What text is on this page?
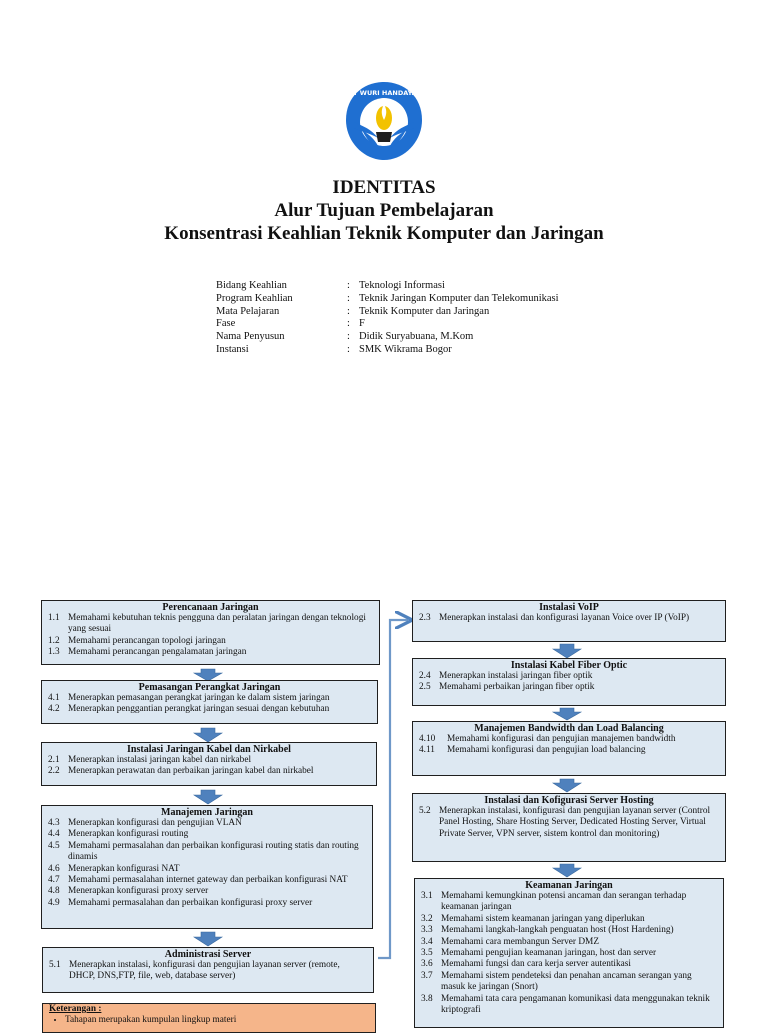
TUT WURI HANDAYANI
IDENTITAS
Alur Tujuan Pembelajaran
Konsentrasi Keahlian Teknik Komputer dan Jaringan
Bidang Keahlian	: Teknologi Informasi
Program Keahlian	: Teknik Jaringan Komputer dan Telekomunikasi
Mata Pelajaran	: Teknik Komputer dan Jaringan
Fase	: F
Nama Penyusun	: Didik Suryabuana, M.Kom
Instansi	: SMK Wikrama Bogor
Perencanaan Jaringan
1.1 Memahami kebutuhan teknis pengguna dan peralatan jaringan dengan teknologi yang sesuai
1.2 Memahami perancangan topologi jaringan
1.3 Memahami perancangan pengalamatan jaringan
Pemasangan Perangkat Jaringan
4.1 Menerapkan pemasangan perangkat jaringan ke dalam sistem jaringan
4.2 Menerapkan penggantian perangkat jaringan sesuai dengan kebutuhan
Instalasi Jaringan Kabel dan Nirkabel
2.1 Menerapkan instalasi jaringan kabel dan nirkabel
2.2 Menerapkan perawatan dan perbaikan jaringan kabel dan nirkabel
Manajemen Jaringan
4.3 Menerapkan konfigurasi dan pengujian VLAN
4.4 Menerapkan konfigurasi routing
4.5 Memahami permasalahan dan perbaikan konfigurasi routing statis dan routing dinamis
4.6 Menerapkan konfigurasi NAT
4.7 Memahami permasalahan internet gateway dan perbaikan konfigurasi NAT
4.8 Menerapkan konfigurasi proxy server
4.9 Memahami permasalahan dan perbaikan konfigurasi proxy server
Administrasi Server
5.1 Menerapkan instalasi, konfigurasi dan pengujian layanan server (remote, DHCP, DNS,FTP, file, web, database server)
Keterangan :
• Tahapan merupakan kumpulan lingkup materi
Instalasi VoIP
2.3 Menerapkan instalasi dan konfigurasi layanan Voice over IP (VoIP)
Instalasi Kabel Fiber Optic
2.4 Menerapkan instalasi jaringan fiber optik
2.5 Memahami perbaikan jaringan fiber optik
Manajemen Bandwidth dan Load Balancing
4.10	Memahami konfigurasi dan pengujian manajemen bandwidth
4.11	Memahami konfigurasi dan pengujian load balancing
Instalasi dan Kofigurasi Server Hosting
5.2 Menerapkan instalasi, konfigurasi dan pengujian layanan server (Control Panel Hosting, Share Hosting Server, Dedicated Hosting Server, Virtual Private Server, VPN server, sistem kontrol dan monitoring)
Keamanan Jaringan
3.1 Memahami kemungkinan potensi ancaman dan serangan terhadap keamanan jaringan
3.2 Memahami sistem keamanan jaringan yang diperlukan
3.3 Memahami langkah-langkah penguatan host (Host Hardening)
3.4 Memahami cara membangun Server DMZ
3.5 Memahami pengujian keamanan jaringan, host dan server
3.6 Memahami fungsi dan cara kerja server autentikasi
3.7 Memahami sistem pendeteksi dan penahan ancaman serangan yang masuk ke jaringan (Snort)
3.8 Memahami tata cara pengamanan komunikasi data menggunakan teknik kriptografi
